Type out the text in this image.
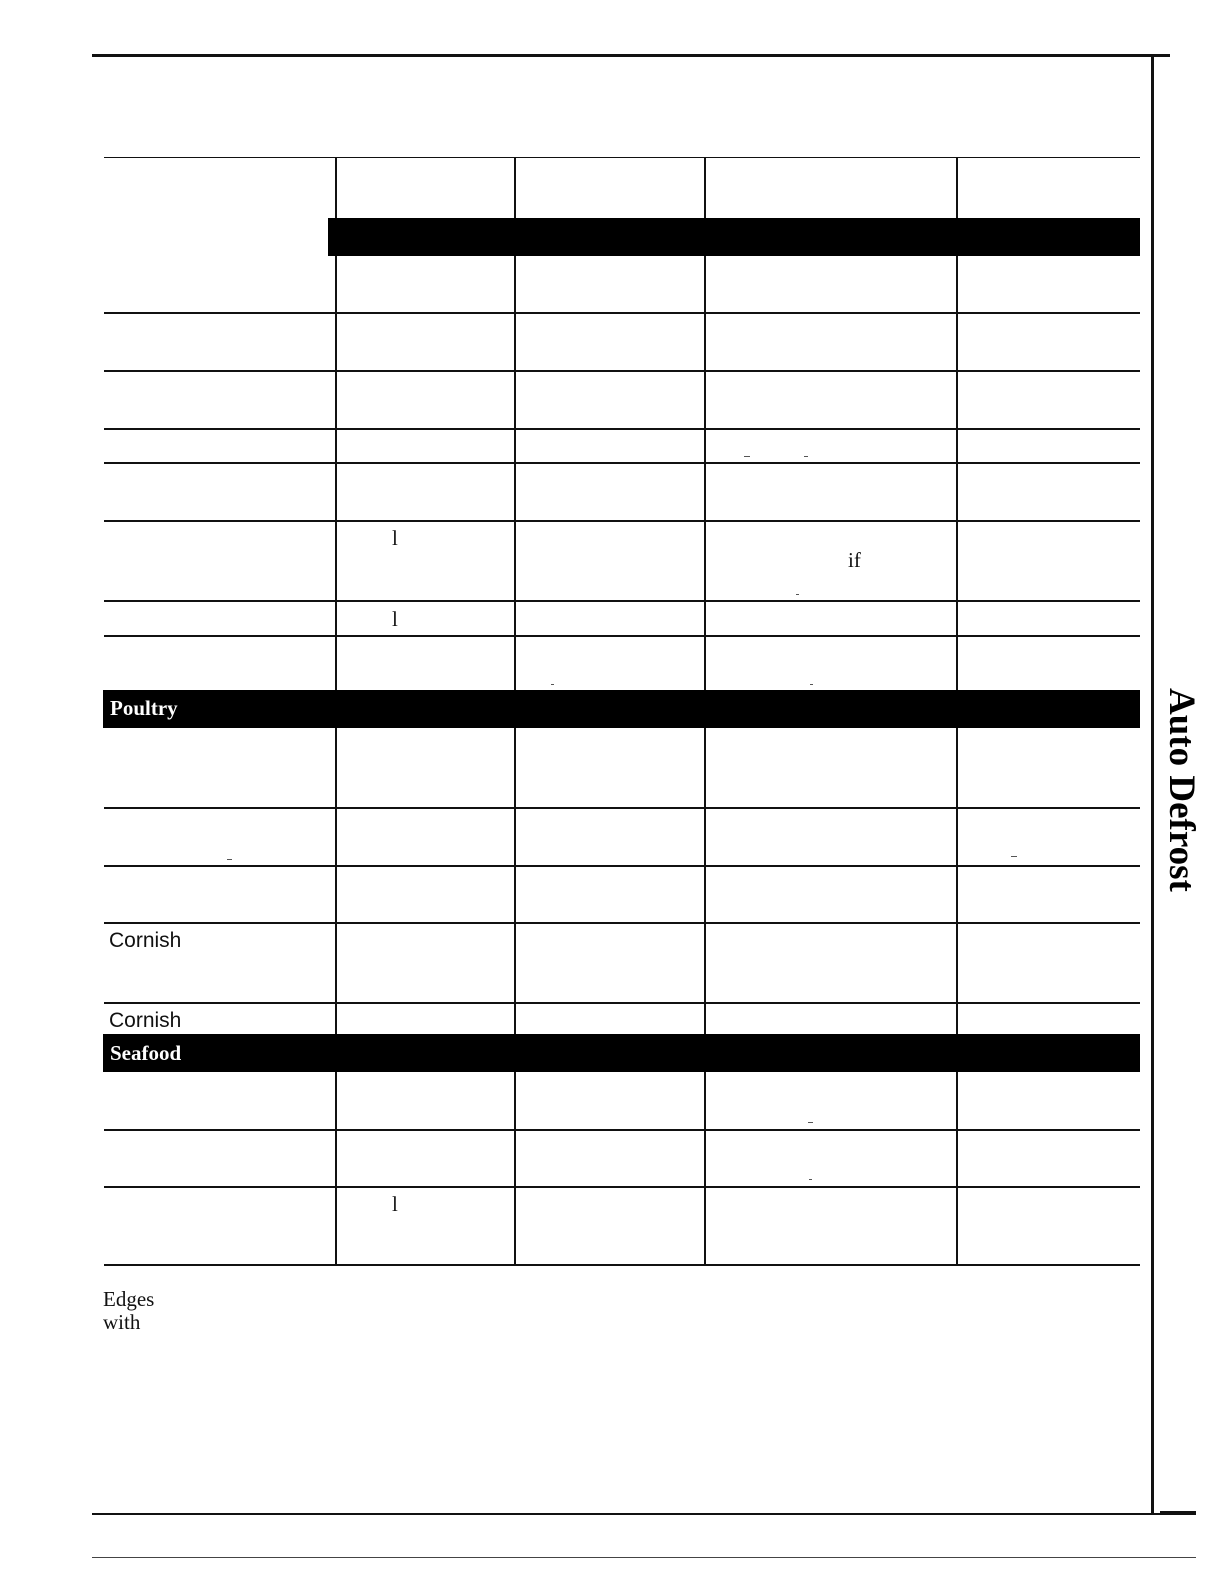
Auto Defrost
Poultry
Seafood
l
if
l
Cornish
Cornish
l
Edges
with
